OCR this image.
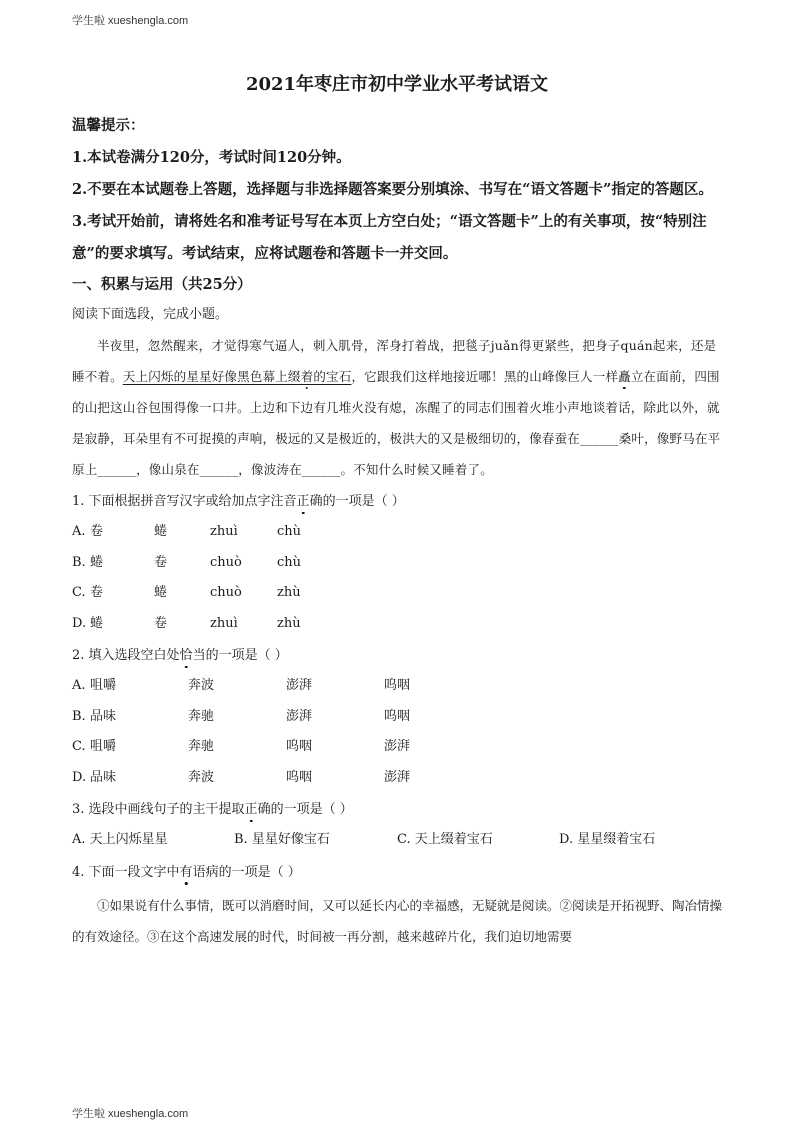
学生啦 xueshengla.com
2021年枣庄市初中学业水平考试语文
温馨提示：
1.本试卷满分120分，考试时间120分钟。
2.不要在本试题卷上答题，选择题与非选择题答案要分别填涂、书写在“语文答题卡”指定的答题区。
3.考试开始前，请将姓名和准考证号写在本页上方空白处；“语文答题卡”上的有关事项，按“特别注意”的要求填写。考试结束，应将试题卷和答题卡一并交回。
一、积累与运用（共25分）
阅读下面选段，完成小题。

半夜里，忽然醒来，才觉得寒气逼人，刺入肌骨，浑身打着战，把毯子juǎn得更紧些，把身子quán起来，还是睡不着。天上闪烁的星星好像黑色幕上缀着的宝石，它跟我们这样地接近哪！黑的山峰像巨人一样矗立在面前，四围的山把这山谷包围得像一口井。上边和下边有几堆火没有熄，冻醒了的同志们围着火堆小声地谈着话，除此以外，就是寂静，耳朵里有不可捉摸的声响，极远的又是极近的，极洪大的又是极细切的，像春蚕在______桑叶，像野马在平原上______，像山泉在______，像波涛在______。不知什么时候又睡着了。

1. 下面根据拼音写汉字或给加点字注音正确的一项是（ ）
A. 卷	蜷	zhuì	chù
B. 蜷	卷	chuò	chù
C. 卷	蜷	chuò	zhù
D. 蜷	卷	zhuì	zhù
2. 填入选段空白处恰当的一项是（ ）
A. 咀嚼	奔波	澎湃	呜咽
B. 品味	奔驰	澎湃	呜咽
C. 咀嚼	奔驰	呜咽	澎湃
D. 品味	奔波	呜咽	澎湃
3. 选段中画线句子的主干提取正确的一项是（ ）
A. 天上闪烁星星	B. 星星好像宝石	C. 天上缀着宝石	D. 星星缀着宝石
4. 下面一段文字中有语病的一项是（ ）

①如果说有什么事情，既可以消磨时间，又可以延长内心的幸福感，无疑就是阅读。②阅读是开拓视野、陶冶情操的有效途径。③在这个高速发展的时代，时间被一再分割，越来越碎片化，我们迫切地需要

学生啦 xueshengla.com
